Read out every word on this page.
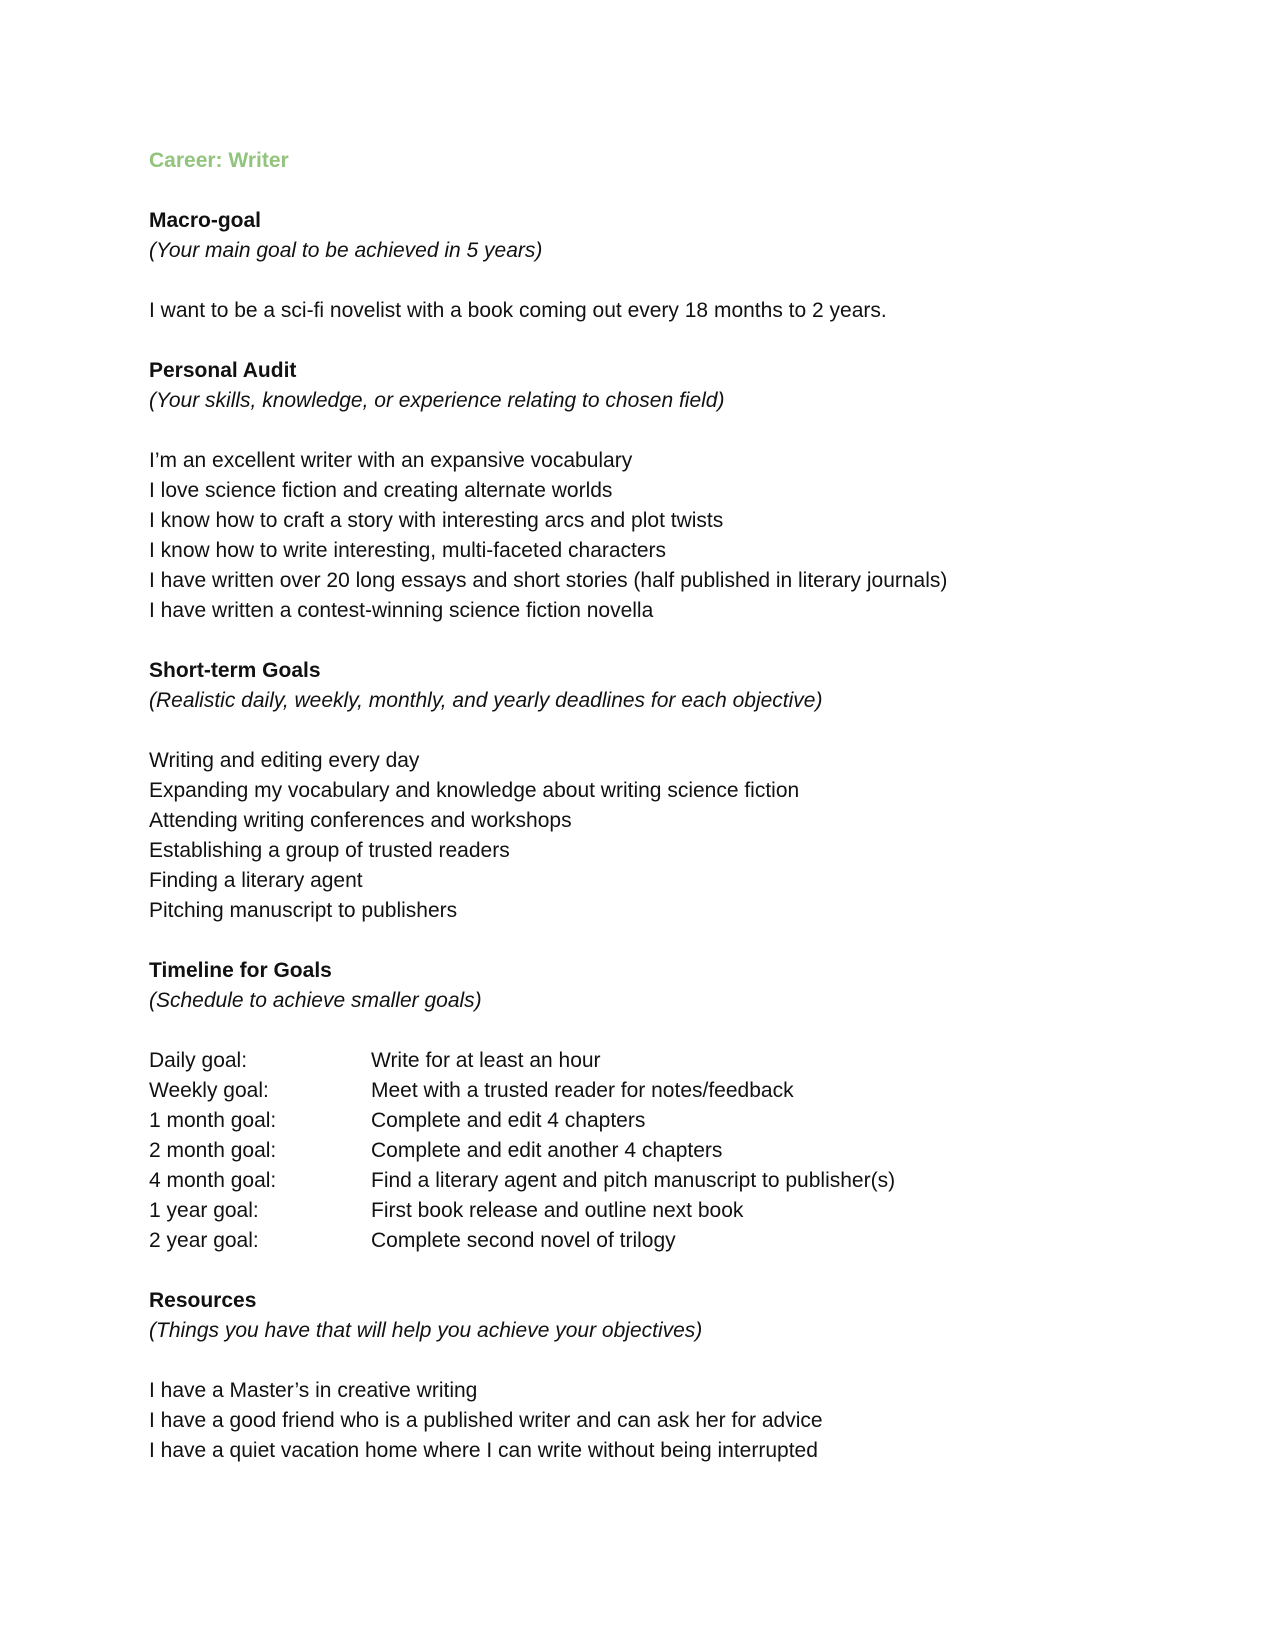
Career: Writer
Macro-goal
(Your main goal to be achieved in 5 years)
I want to be a sci-fi novelist with a book coming out every 18 months to 2 years.
Personal Audit
(Your skills, knowledge, or experience relating to chosen field)
I’m an excellent writer with an expansive vocabulary
I love science fiction and creating alternate worlds
I know how to craft a story with interesting arcs and plot twists
I know how to write interesting, multi-faceted characters
I have written over 20 long essays and short stories (half published in literary journals)
I have written a contest-winning science fiction novella
Short-term Goals
(Realistic daily, weekly, monthly, and yearly deadlines for each objective)
Writing and editing every day
Expanding my vocabulary and knowledge about writing science fiction
Attending writing conferences and workshops
Establishing a group of trusted readers
Finding a literary agent
Pitching manuscript to publishers
Timeline for Goals
(Schedule to achieve smaller goals)
Daily goal:	Write for at least an hour
Weekly goal:	Meet with a trusted reader for notes/feedback
1 month goal:	Complete and edit 4 chapters
2 month goal:	Complete and edit another 4 chapters
4 month goal:	Find a literary agent and pitch manuscript to publisher(s)
1 year goal:	First book release and outline next book
2 year goal:	Complete second novel of trilogy
Resources
(Things you have that will help you achieve your objectives)
I have a Master’s in creative writing
I have a good friend who is a published writer and can ask her for advice
I have a quiet vacation home where I can write without being interrupted
